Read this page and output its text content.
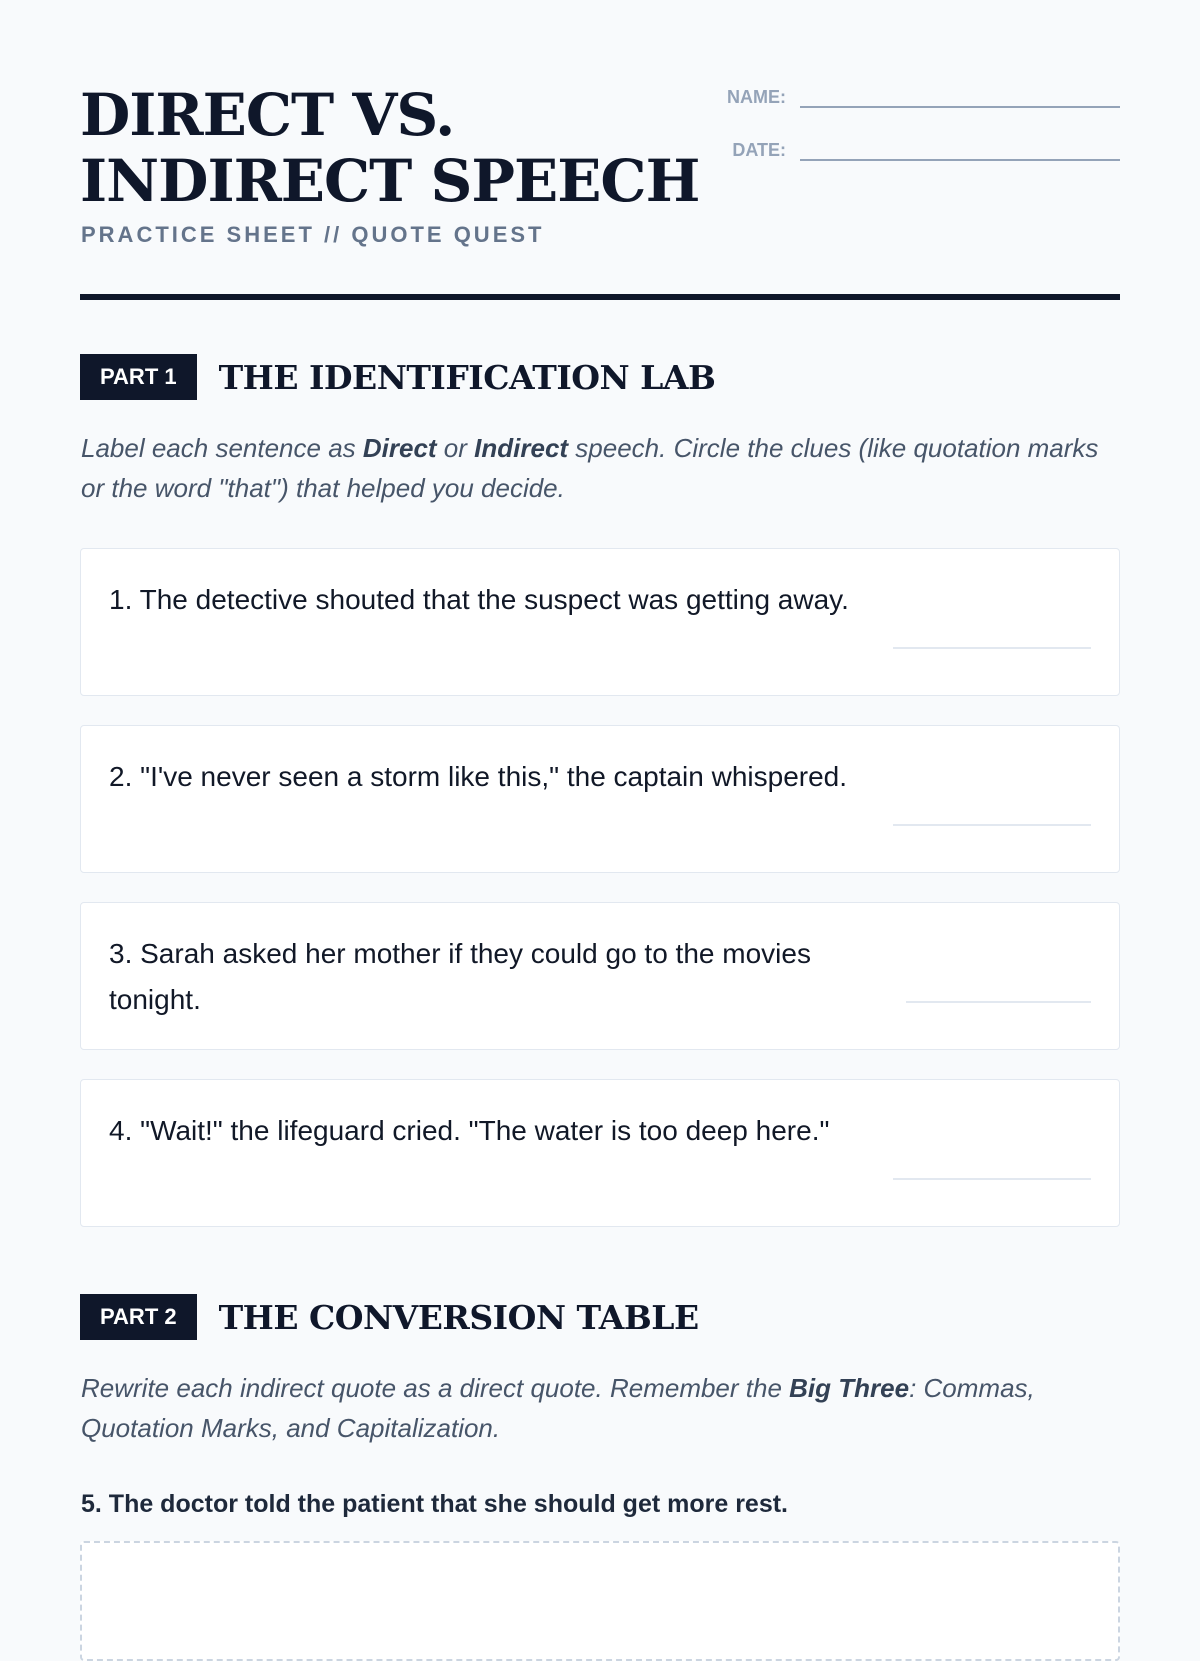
DIRECT VS. INDIRECT SPEECH

PRACTICE SHEET // QUOTE QUEST

NAME:
DATE:
PART 1	THE IDENTIFICATION LAB

Label each sentence as Direct or Indirect speech. Circle the clues (like quotation marks or the word "that") that helped you decide.

1. The detective shouted that the suspect was getting away.
2. "I've never seen a storm like this," the captain whispered.
3. Sarah asked her mother if they could go to the movies tonight.
4. "Wait!" the lifeguard cried. "The water is too deep here."
PART 2	THE CONVERSION TABLE

Rewrite each indirect quote as a direct quote. Remember the Big Three: Commas, Quotation Marks, and Capitalization.

5. The doctor told the patient that she should get more rest.
